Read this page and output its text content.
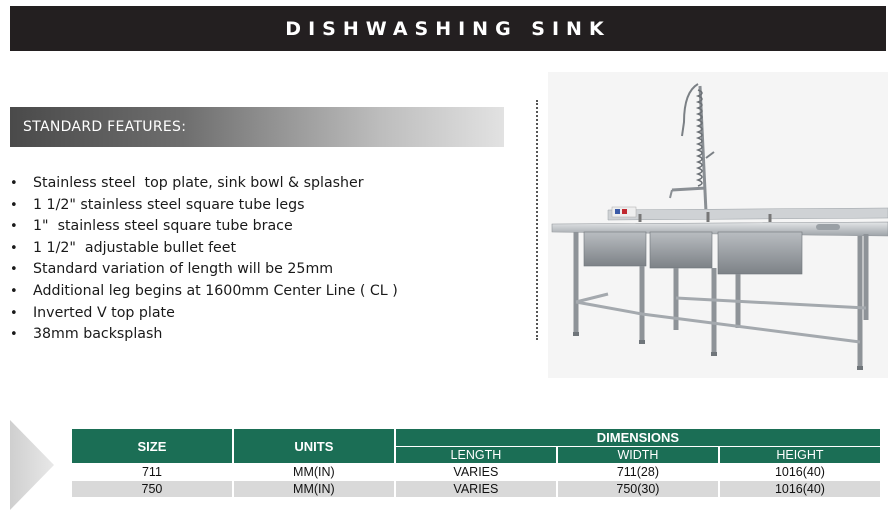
DISHWASHING SINK
STANDARD FEATURES:
• Stainless steel  top plate, sink bowl & splasher
• 1 1/2" stainless steel square tube legs
• 1"  stainless steel square tube brace
• 1 1/2"  adjustable bullet feet
• Standard variation of length will be 25mm
• Additional leg begins at 1600mm Center Line ( CL )
• Inverted V top plate
• 38mm backsplash
SIZE	UNITS	DIMENSIONS		
		LENGTH	WIDTH	HEIGHT
711	MM(IN)	VARIES	711(28)	1016(40)
750	MM(IN)	VARIES	750(30)	1016(40)
